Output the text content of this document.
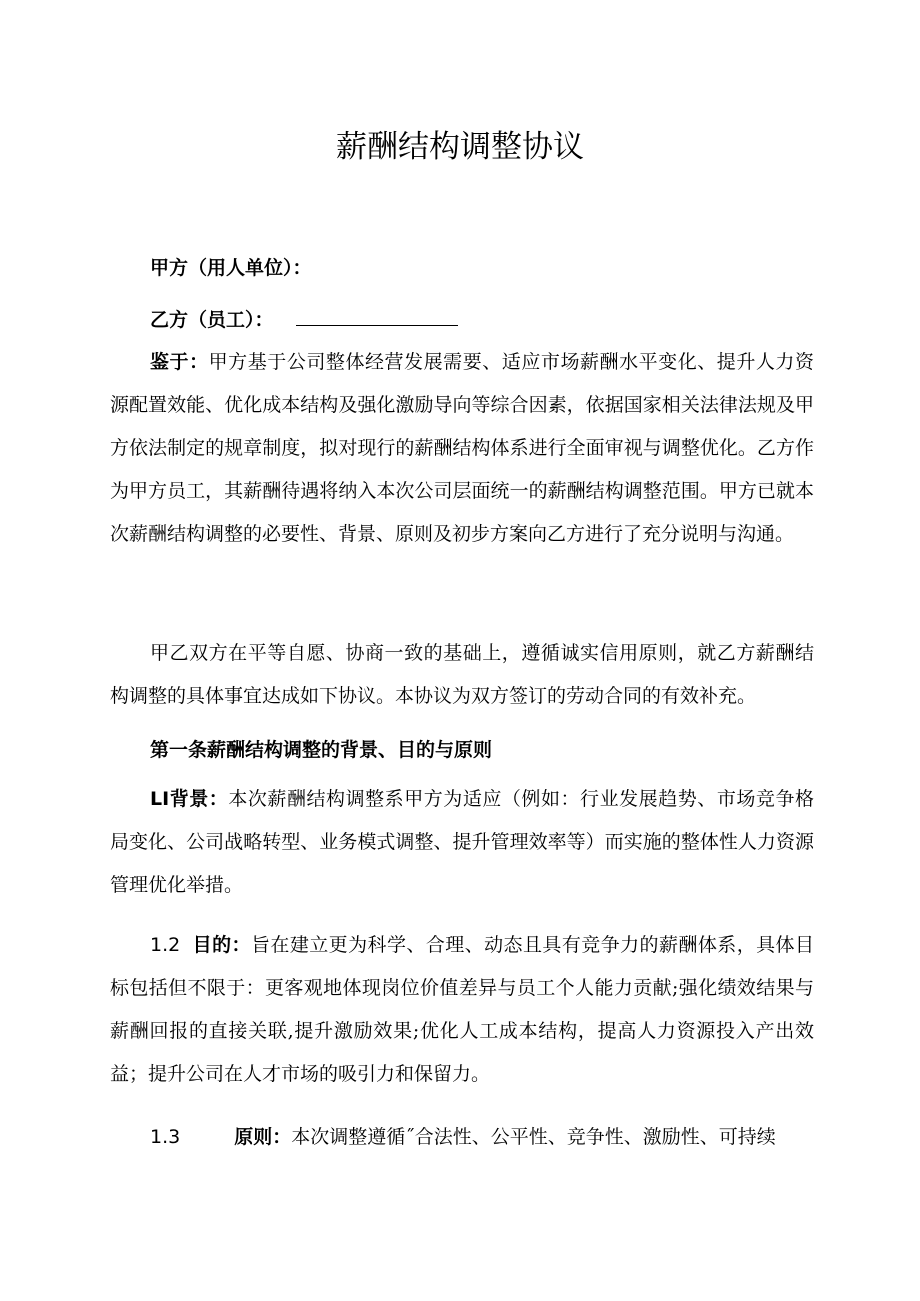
薪酬结构调整协议
甲方（用人单位）：
乙方（员工）：
鉴于：甲方基于公司整体经营发展需要、适应市场薪酬水平变化、提升人力资源配置效能、优化成本结构及强化激励导向等综合因素，依据国家相关法律法规及甲方依法制定的规章制度，拟对现行的薪酬结构体系进行全面审视与调整优化。乙方作为甲方员工，其薪酬待遇将纳入本次公司层面统一的薪酬结构调整范围。甲方已就本次薪酬结构调整的必要性、背景、原则及初步方案向乙方进行了充分说明与沟通。
甲乙双方在平等自愿、协商一致的基础上，遵循诚实信用原则，就乙方薪酬结构调整的具体事宜达成如下协议。本协议为双方签订的劳动合同的有效补充。
第一条薪酬结构调整的背景、目的与原则
LI背景：本次薪酬结构调整系甲方为适应（例如：行业发展趋势、市场竞争格局变化、公司战略转型、业务模式调整、提升管理效率等）而实施的整体性人力资源管理优化举措。
1.2 目的：旨在建立更为科学、合理、动态且具有竞争力的薪酬体系，具体目标包括但不限于：更客观地体现岗位价值差异与员工个人能力贡献;强化绩效结果与薪酬回报的直接关联,提升激励效果;优化人工成本结构，提高人力资源投入产出效益；提升公司在人才市场的吸引力和保留力。
1.3	原则：本次调整遵循˝合法性、公平性、竞争性、激励性、可持续
